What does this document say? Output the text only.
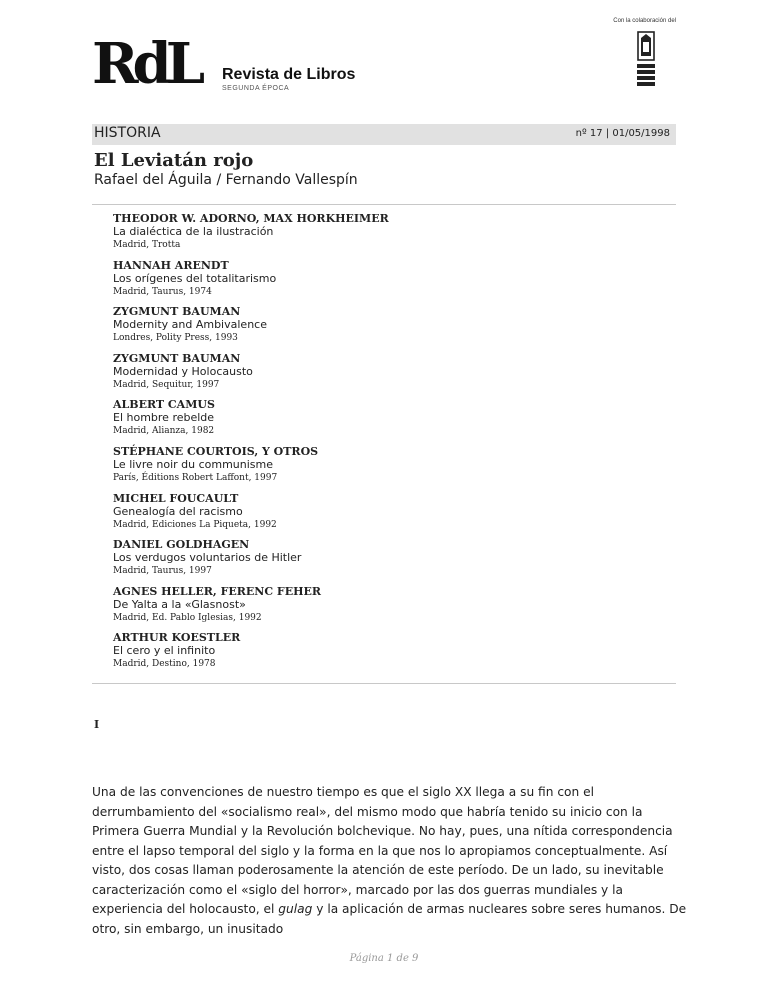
RdL Revista de Libros
SEGUNDA ÉPOCA
Con la colaboración del
HISTORIA	nº 17 | 01/05/1998
El Leviatán rojo
Rafael del Águila / Fernando Vallespín
THEODOR W. ADORNO, MAX HORKHEIMER
La dialéctica de la ilustración
Madrid, Trotta
HANNAH ARENDT
Los orígenes del totalitarismo
Madrid, Taurus, 1974
ZYGMUNT BAUMAN
Modernity and Ambivalence
Londres, Polity Press, 1993
ZYGMUNT BAUMAN
Modernidad y Holocausto
Madrid, Sequitur, 1997
ALBERT CAMUS
El hombre rebelde
Madrid, Alianza, 1982
STÉPHANE COURTOIS, Y OTROS
Le livre noir du communisme
París, Éditions Robert Laffont, 1997
MICHEL FOUCAULT
Genealogía del racismo
Madrid, Ediciones La Piqueta, 1992
DANIEL GOLDHAGEN
Los verdugos voluntarios de Hitler
Madrid, Taurus, 1997
AGNES HELLER, FERENC FEHER
De Yalta a la «Glasnost»
Madrid, Ed. Pablo Iglesias, 1992
ARTHUR KOESTLER
El cero y el infinito
Madrid, Destino, 1978
I

Una de las convenciones de nuestro tiempo es que el siglo XX llega a su fin con el derrumbamiento del «socialismo real», del mismo modo que habría tenido su inicio con la Primera Guerra Mundial y la Revolución bolchevique. No hay, pues, una nítida correspondencia entre el lapso temporal del siglo y la forma en la que nos lo apropiamos conceptualmente. Así visto, dos cosas llaman poderosamente la atención de este período. De un lado, su inevitable caracterización como el «siglo del horror», marcado por las dos guerras mundiales y la experiencia del holocausto, el gulag y la aplicación de armas nucleares sobre seres humanos. De otro, sin embargo, un inusitado

Página 1 de 9
